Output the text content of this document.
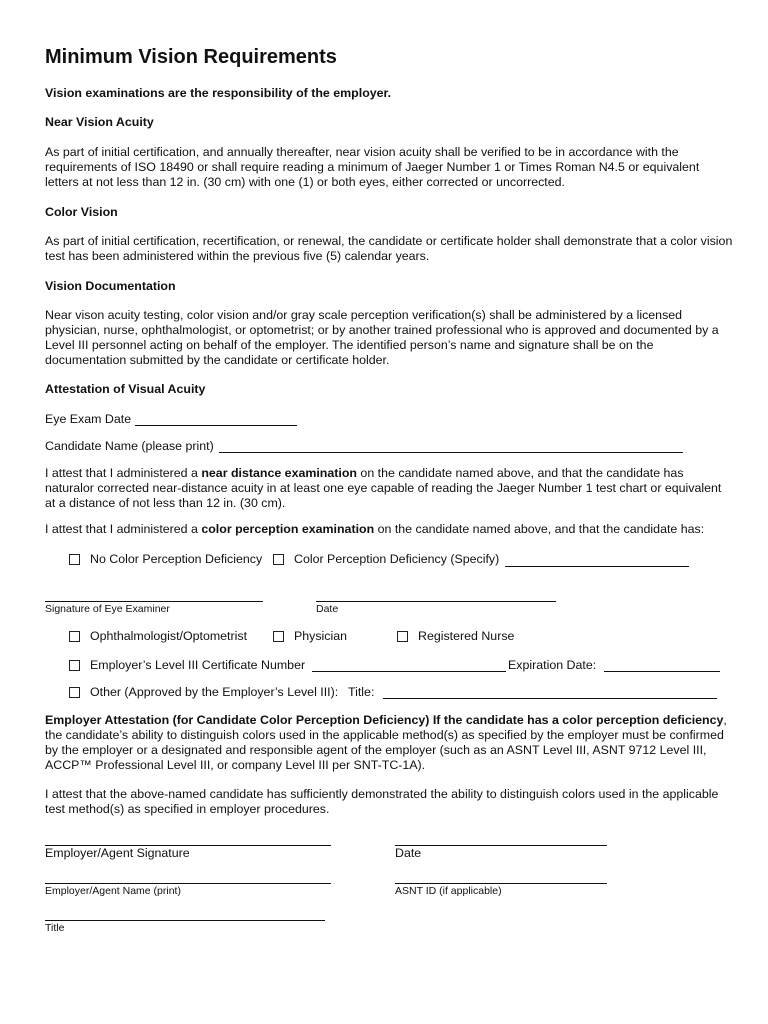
Minimum Vision Requirements
Vision examinations are the responsibility of the employer.
Near Vision Acuity
As part of initial certification, and annually thereafter, near vision acuity shall be verified to be in accordance with the requirements of ISO 18490 or shall require reading a minimum of Jaeger Number 1 or Times Roman N4.5 or equivalent letters at not less than 12 in. (30 cm) with one (1) or both eyes, either corrected or uncorrected.
Color Vision
As part of initial certification, recertification, or renewal, the candidate or certificate holder shall demonstrate that a color vision test has been administered within the previous five (5) calendar years.
Vision Documentation
Near vison acuity testing, color vision and/or gray scale perception verification(s) shall be administered by a licensed physician, nurse, ophthalmologist, or optometrist; or by another trained professional who is approved and documented by a Level III personnel acting on behalf of the employer. The identified person’s name and signature shall be on the documentation submitted by the candidate or certificate holder.
Attestation of Visual Acuity
Eye Exam Date
Candidate Name (please print)
I attest that I administered a near distance examination on the candidate named above, and that the candidate has naturalor corrected near-distance acuity in at least one eye capable of reading the Jaeger Number 1 test chart or equivalent at a distance of not less than 12 in. (30 cm).
I attest that I administered a color perception examination on the candidate named above, and that the candidate has:
No Color Perception Deficiency	Color Perception Deficiency (Specify)
Signature of Eye Examiner	Date
Ophthalmologist/Optometrist	Physician	Registered Nurse
Employer’s Level III Certificate Number	Expiration Date:
Other (Approved by the Employer’s Level III): Title:
Employer Attestation (for Candidate Color Perception Deficiency) If the candidate has a color perception deficiency, the candidate’s ability to distinguish colors used in the applicable method(s) as specified by the employer must be confirmed by the employer or a designated and responsible agent of the employer (such as an ASNT Level III, ASNT 9712 Level III, ACCP™ Professional Level III, or company Level III per SNT-TC-1A).
I attest that the above-named candidate has sufficiently demonstrated the ability to distinguish colors used in the applicable test method(s) as specified in employer procedures.
Employer/Agent Signature	Date
Employer/Agent Name (print)	ASNT ID (if applicable)
Title
